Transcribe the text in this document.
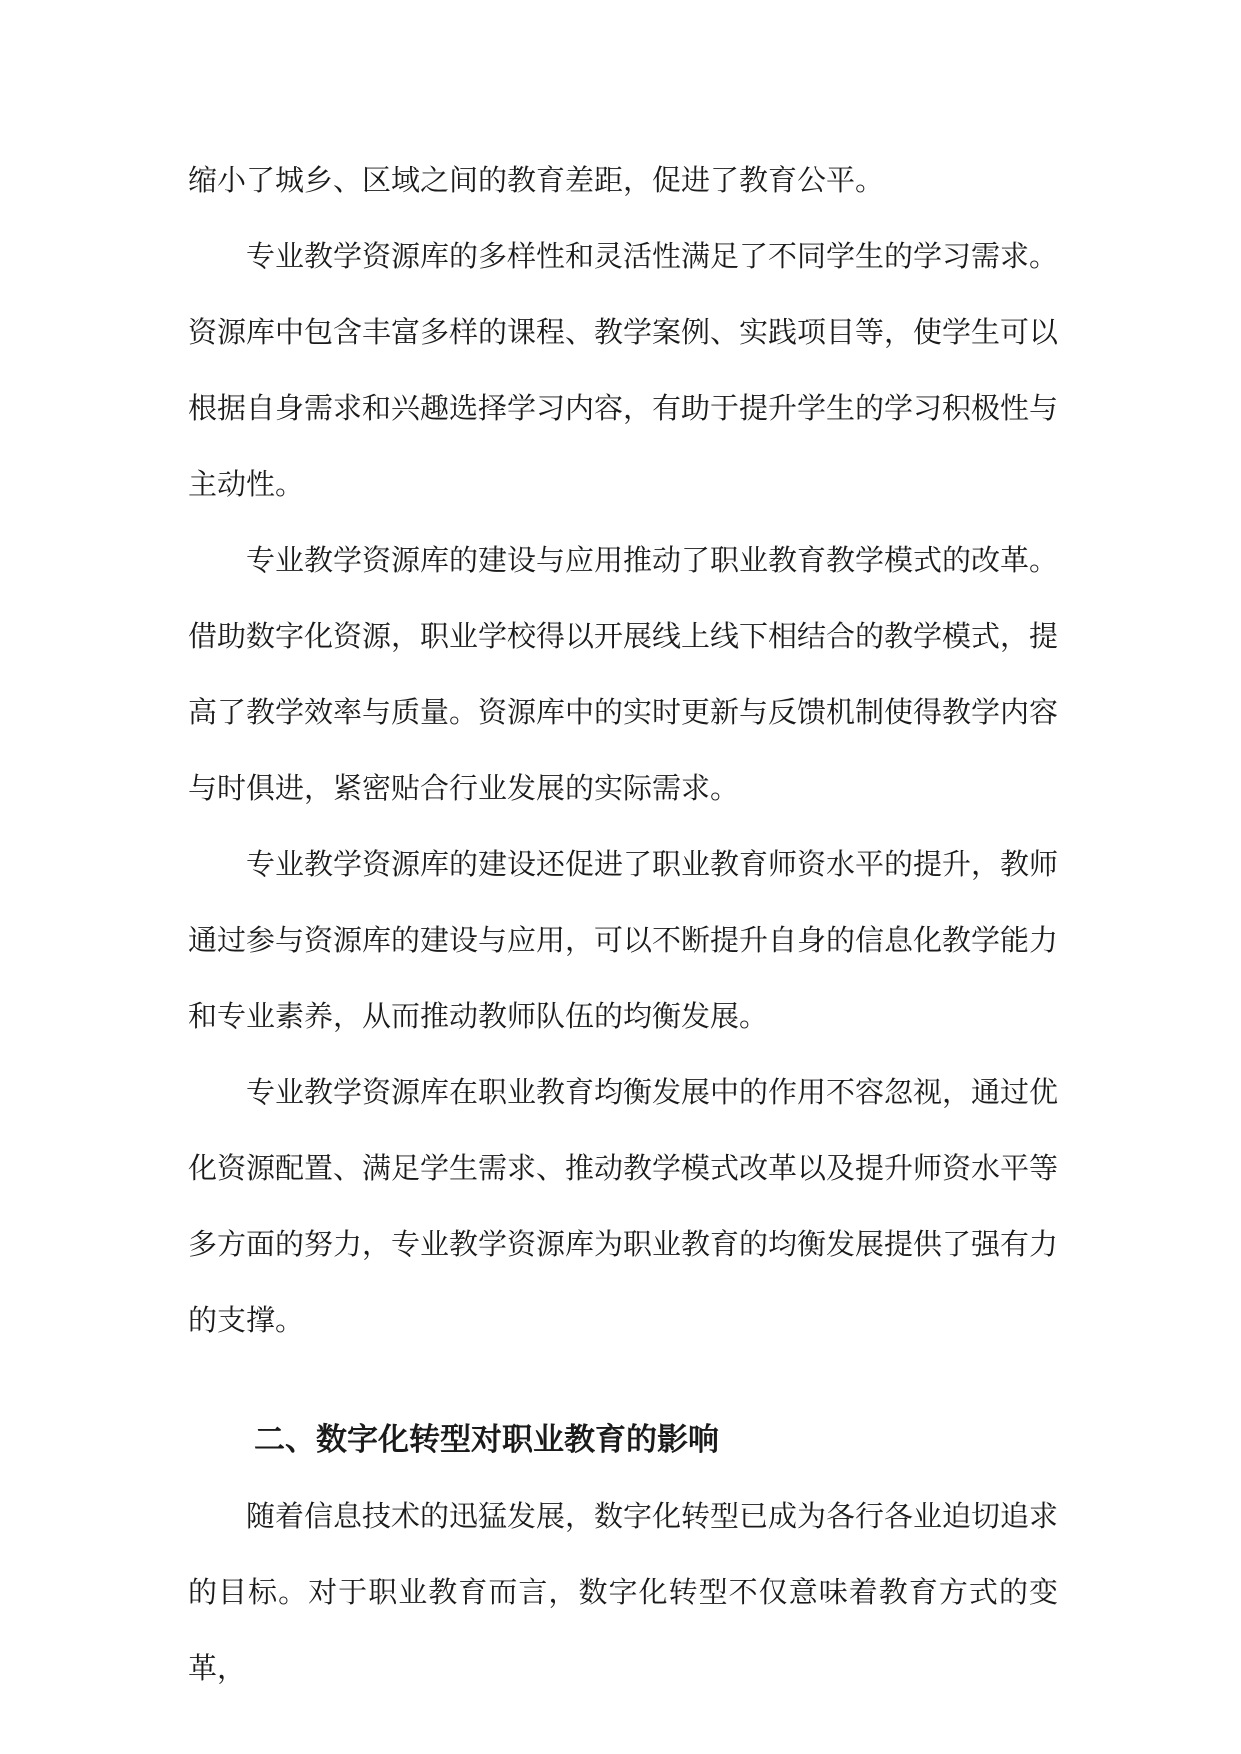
缩小了城乡、区域之间的教育差距，促进了教育公平。

专业教学资源库的多样性和灵活性满足了不同学生的学习需求。资源库中包含丰富多样的课程、教学案例、实践项目等，使学生可以根据自身需求和兴趣选择学习内容，有助于提升学生的学习积极性与主动性。

专业教学资源库的建设与应用推动了职业教育教学模式的改革。借助数字化资源，职业学校得以开展线上线下相结合的教学模式，提高了教学效率与质量。资源库中的实时更新与反馈机制使得教学内容与时俱进，紧密贴合行业发展的实际需求。

专业教学资源库的建设还促进了职业教育师资水平的提升，教师通过参与资源库的建设与应用，可以不断提升自身的信息化教学能力和专业素养，从而推动教师队伍的均衡发展。

专业教学资源库在职业教育均衡发展中的作用不容忽视，通过优化资源配置、满足学生需求、推动教学模式改革以及提升师资水平等多方面的努力，专业教学资源库为职业教育的均衡发展提供了强有力的支撑。

二、数字化转型对职业教育的影响

随着信息技术的迅猛发展，数字化转型已成为各行各业迫切追求的目标。对于职业教育而言，数字化转型不仅意味着教育方式的变革，
